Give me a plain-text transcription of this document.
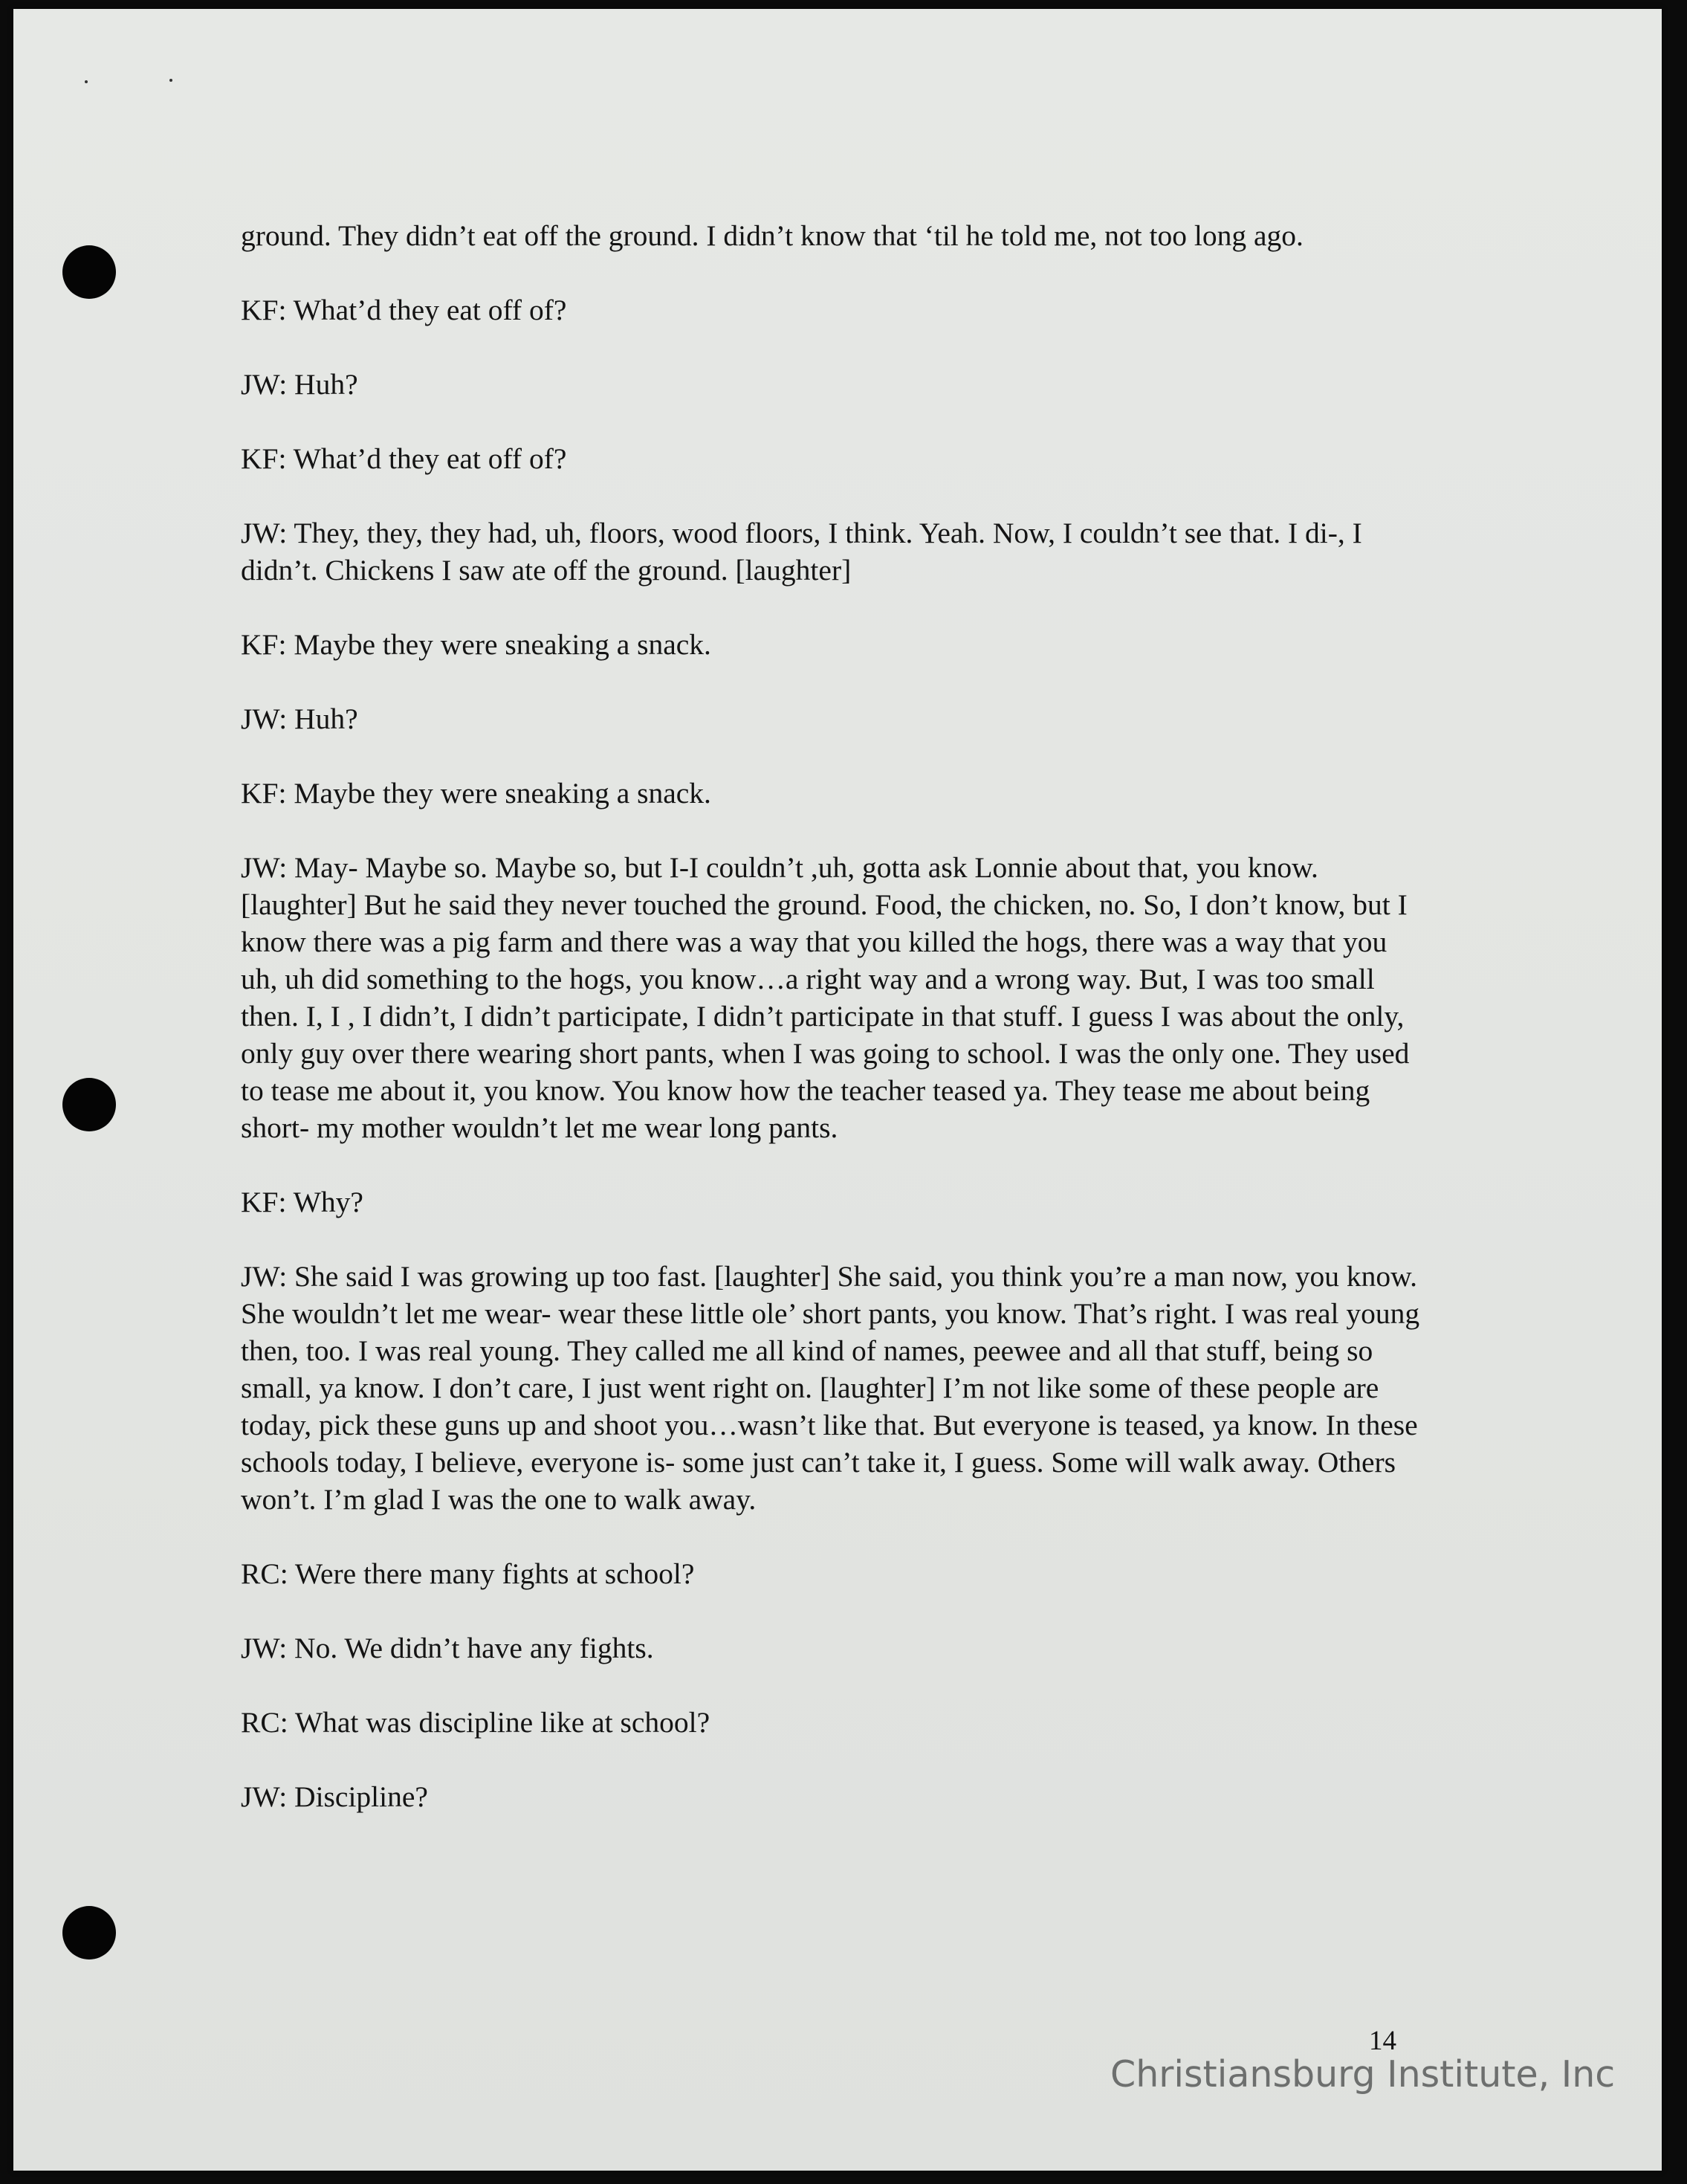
ground. They didn’t eat off the ground. I didn’t know that ‘til he told me, not too long ago.

KF: What’d they eat off of?

JW: Huh?

KF: What’d they eat off of?

JW: They, they, they had, uh, floors, wood floors, I think. Yeah. Now, I couldn’t see that. I di-, I didn’t. Chickens I saw ate off the ground. [laughter]

KF: Maybe they were sneaking a snack.

JW: Huh?

KF: Maybe they were sneaking a snack.

JW: May- Maybe so. Maybe so, but I-I couldn’t ,uh, gotta ask Lonnie about that, you know. [laughter] But he said they never touched the ground. Food, the chicken, no. So, I don’t know, but I know there was a pig farm and there was a way that you killed the hogs, there was a way that you uh, uh did something to the hogs, you know…a right way and a wrong way. But, I was too small then. I, I , I didn’t, I didn’t participate, I didn’t participate in that stuff. I guess I was about the only, only guy over there wearing short pants, when I was going to school. I was the only one. They used to tease me about it, you know. You know how the teacher teased ya. They tease me about being short- my mother wouldn’t let me wear long pants.

KF: Why?

JW: She said I was growing up too fast. [laughter] She said, you think you’re a man now, you know. She wouldn’t let me wear- wear these little ole’ short pants, you know. That’s right. I was real young then, too. I was real young. They called me all kind of names, peewee and all that stuff, being so small, ya know. I don’t care, I just went right on. [laughter] I’m not like some of these people are today, pick these guns up and shoot you…wasn’t like that. But everyone is teased, ya know. In these schools today, I believe, everyone is- some just can’t take it, I guess. Some will walk away. Others won’t. I’m glad I was the one to walk away.

RC: Were there many fights at school?

JW: No. We didn’t have any fights.

RC: What was discipline like at school?

JW: Discipline?

14
Christiansburg Institute, Inc
